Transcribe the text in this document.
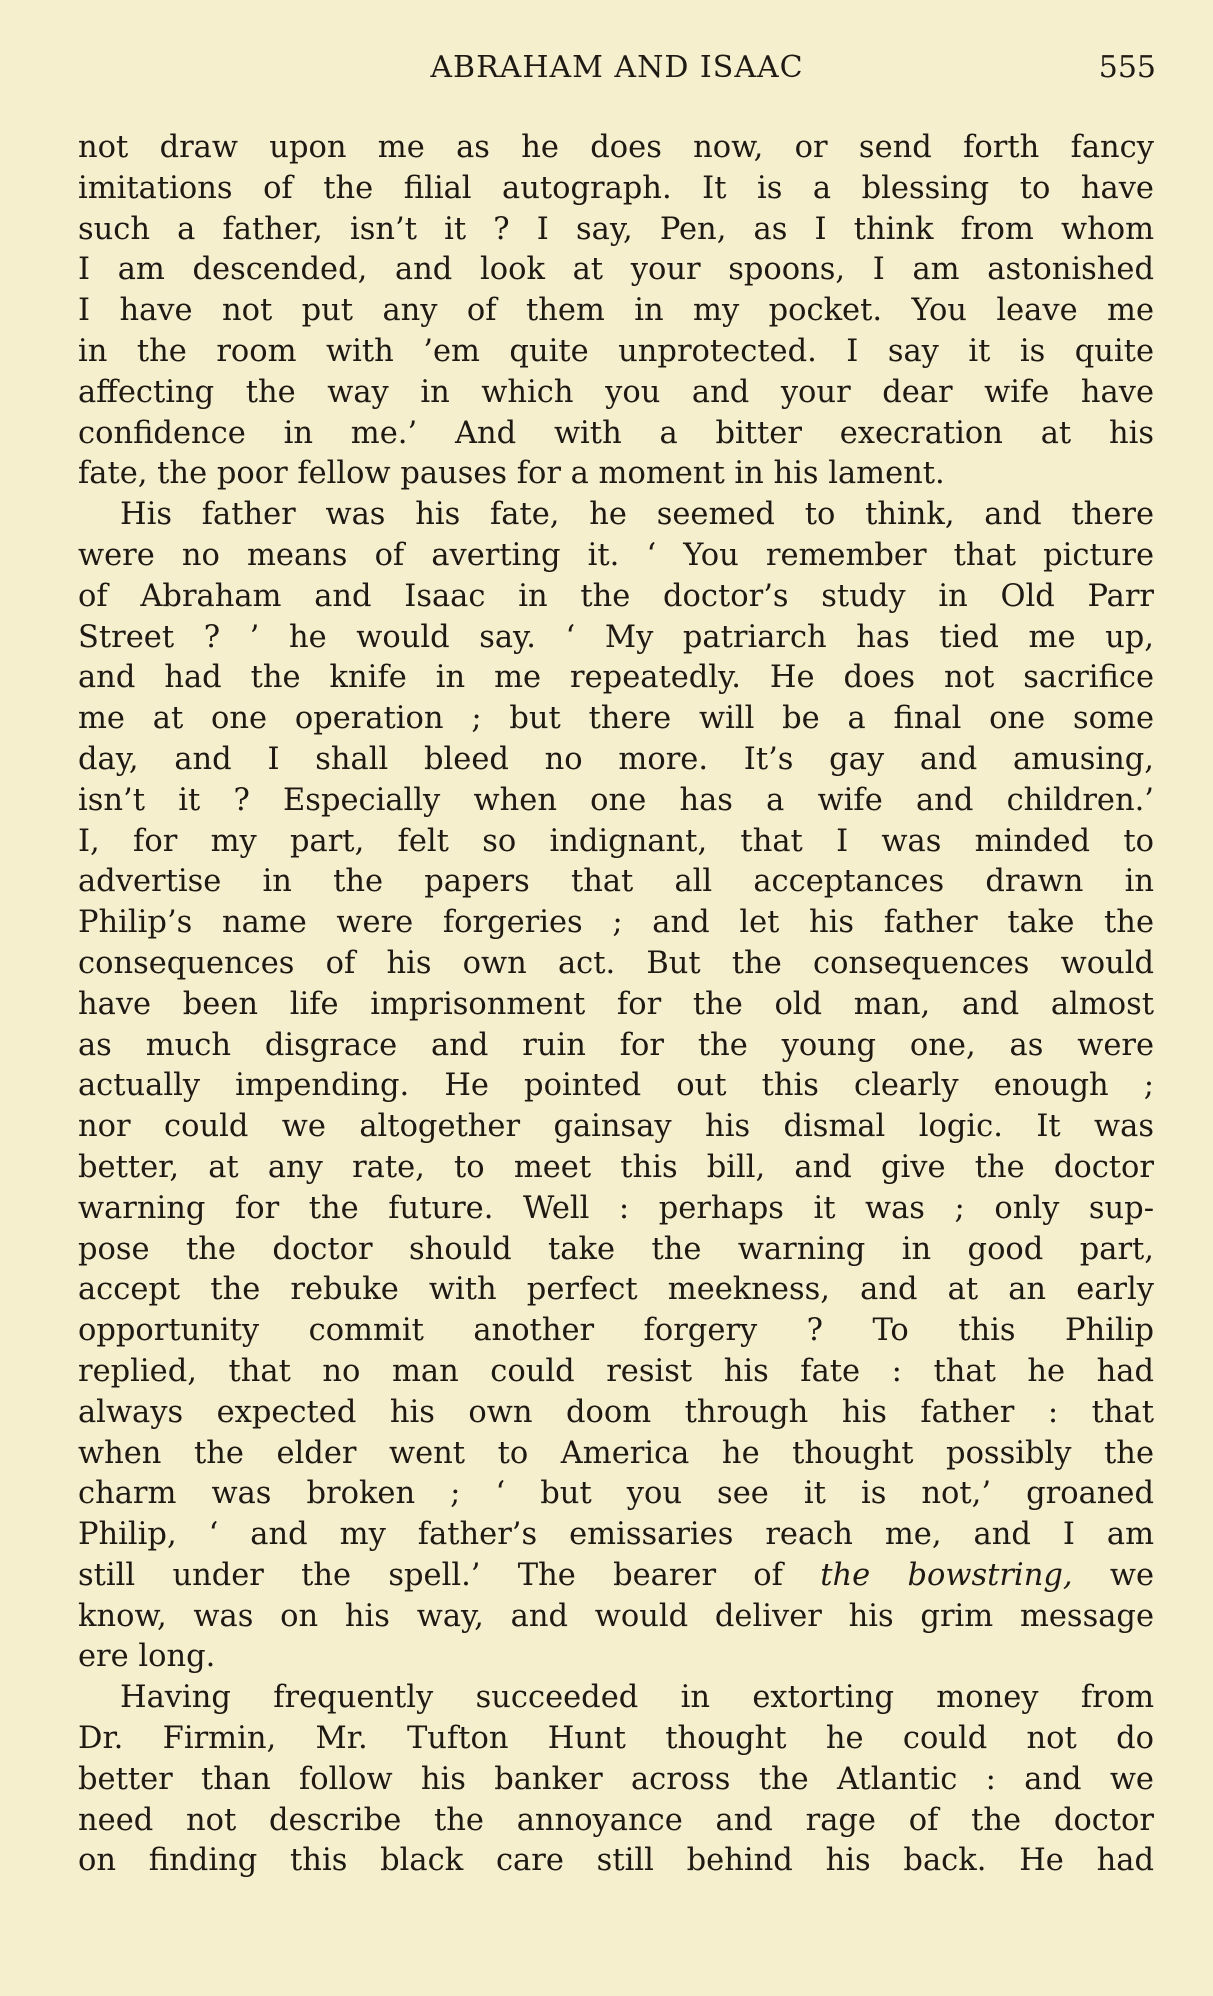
ABRAHAM AND ISAAC	555
not draw upon me as he does now, or send forth fancy
imitations of the filial autograph. It is a blessing to have
such a father, isn’t it ? I say, Pen, as I think from whom
I am descended, and look at your spoons, I am astonished
I have not put any of them in my pocket. You leave me
in the room with ’em quite unprotected. I say it is quite
affecting the way in which you and your dear wife have
confidence in me.’ And with a bitter execration at his
fate, the poor fellow pauses for a moment in his lament.
His father was his fate, he seemed to think, and there
were no means of averting it. ‘ You remember that picture
of Abraham and Isaac in the doctor’s study in Old Parr
Street ? ’ he would say. ‘ My patriarch has tied me up,
and had the knife in me repeatedly. He does not sacrifice
me at one operation ; but there will be a final one some
day, and I shall bleed no more. It’s gay and amusing,
isn’t it ? Especially when one has a wife and children.’
I, for my part, felt so indignant, that I was minded to
advertise in the papers that all acceptances drawn in
Philip’s name were forgeries ; and let his father take the
consequences of his own act. But the consequences would
have been life imprisonment for the old man, and almost
as much disgrace and ruin for the young one, as were
actually impending. He pointed out this clearly enough ;
nor could we altogether gainsay his dismal logic. It was
better, at any rate, to meet this bill, and give the doctor
warning for the future. Well : perhaps it was ; only sup-
pose the doctor should take the warning in good part,
accept the rebuke with perfect meekness, and at an early
opportunity commit another forgery ? To this Philip
replied, that no man could resist his fate : that he had
always expected his own doom through his father : that
when the elder went to America he thought possibly the
charm was broken ; ‘ but you see it is not,’ groaned
Philip, ‘ and my father’s emissaries reach me, and I am
still under the spell.’ The bearer of the bowstring, we
know, was on his way, and would deliver his grim message
ere long.
Having frequently succeeded in extorting money from
Dr. Firmin, Mr. Tufton Hunt thought he could not do
better than follow his banker across the Atlantic : and we
need not describe the annoyance and rage of the doctor
on finding this black care still behind his back. He had
